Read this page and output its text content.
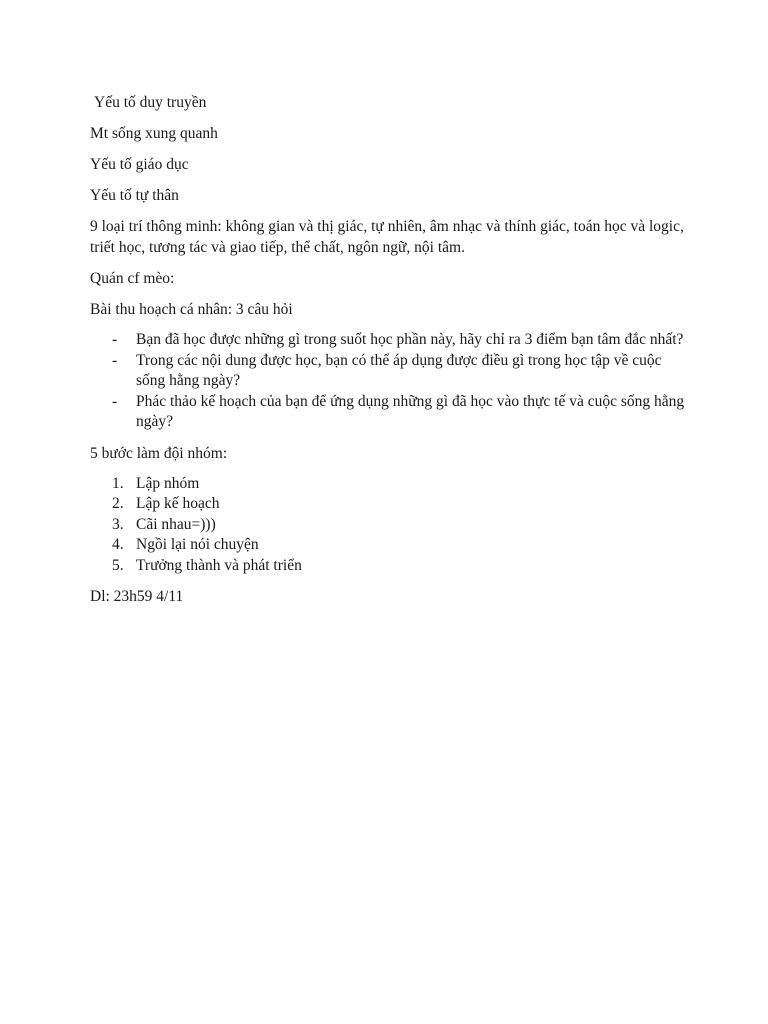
Yếu tố duy truyền

Mt sống xung quanh

Yếu tố giáo dục

Yếu tố tự thân

9 loại trí thông minh: không gian và thị giác, tự nhiên, âm nhạc và thính giác, toán học và logic, triết học, tương tác và giao tiếp, thể chất, ngôn ngữ, nội tâm.

Quán cf mèo:

Bài thu hoạch cá nhân: 3 câu hỏi

- Bạn đã học được những gì trong suốt học phần này, hãy chỉ ra 3 điểm bạn tâm đắc nhất?
- Trong các nội dung được học, bạn có thể áp dụng được điều gì trong học tập về cuộc sống hằng ngày?
- Phác thảo kế hoạch của bạn để ứng dụng những gì đã học vào thực tế và cuộc sống hằng ngày?

5 bước làm đội nhóm:

1. Lập nhóm
2. Lập kế hoạch
3. Cãi nhau=)))
4. Ngồi lại nói chuyện
5. Trưởng thành và phát triển

Dl: 23h59 4/11
